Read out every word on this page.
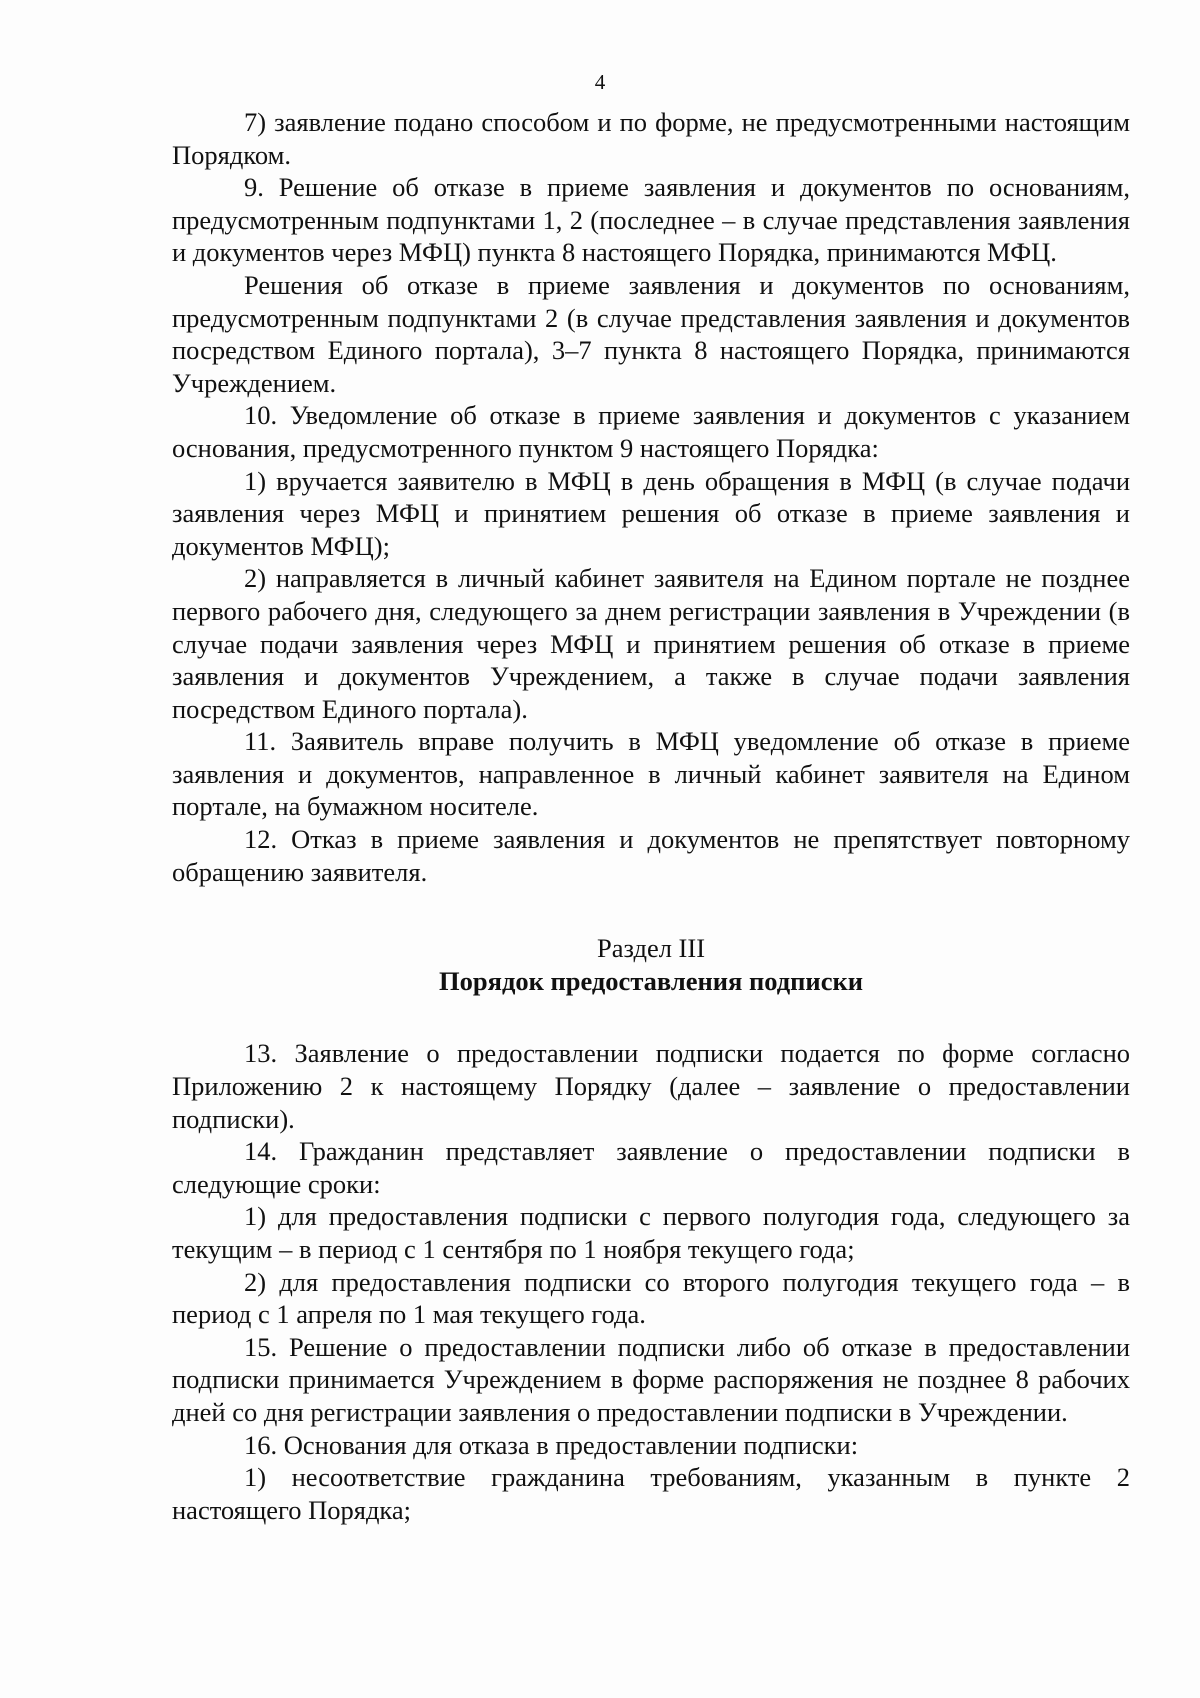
4

7) заявление подано способом и по форме, не предусмотренными настоящим Порядком.

9. Решение об отказе в приеме заявления и документов по основаниям, предусмотренным подпунктами 1, 2 (последнее – в случае представления заявления и документов через МФЦ) пункта 8 настоящего Порядка, принимаются МФЦ.

Решения об отказе в приеме заявления и документов по основаниям, предусмотренным подпунктами 2 (в случае представления заявления и документов посредством Единого портала), 3–7 пункта 8 настоящего Порядка, принимаются Учреждением.

10. Уведомление об отказе в приеме заявления и документов с указанием основания, предусмотренного пунктом 9 настоящего Порядка:

1) вручается заявителю в МФЦ в день обращения в МФЦ (в случае подачи заявления через МФЦ и принятием решения об отказе в приеме заявления и документов МФЦ);

2) направляется в личный кабинет заявителя на Едином портале не позднее первого рабочего дня, следующего за днем регистрации заявления в Учреждении (в случае подачи заявления через МФЦ и принятием решения об отказе в приеме заявления и документов Учреждением, а также в случае подачи заявления посредством Единого портала).

11. Заявитель вправе получить в МФЦ уведомление об отказе в приеме заявления и документов, направленное в личный кабинет заявителя на Едином портале, на бумажном носителе.

12. Отказ в приеме заявления и документов не препятствует повторному обращению заявителя.

Раздел III
Порядок предоставления подписки

13. Заявление о предоставлении подписки подается по форме согласно Приложению 2 к настоящему Порядку (далее – заявление о предоставлении подписки).

14. Гражданин представляет заявление о предоставлении подписки в следующие сроки:

1) для предоставления подписки с первого полугодия года, следующего за текущим – в период с 1 сентября по 1 ноября текущего года;

2) для предоставления подписки со второго полугодия текущего года – в период с 1 апреля по 1 мая текущего года.

15. Решение о предоставлении подписки либо об отказе в предоставлении подписки принимается Учреждением в форме распоряжения не позднее 8 рабочих дней со дня регистрации заявления о предоставлении подписки в Учреждении.

16. Основания для отказа в предоставлении подписки:

1) несоответствие гражданина требованиям, указанным в пункте 2 настоящего Порядка;
